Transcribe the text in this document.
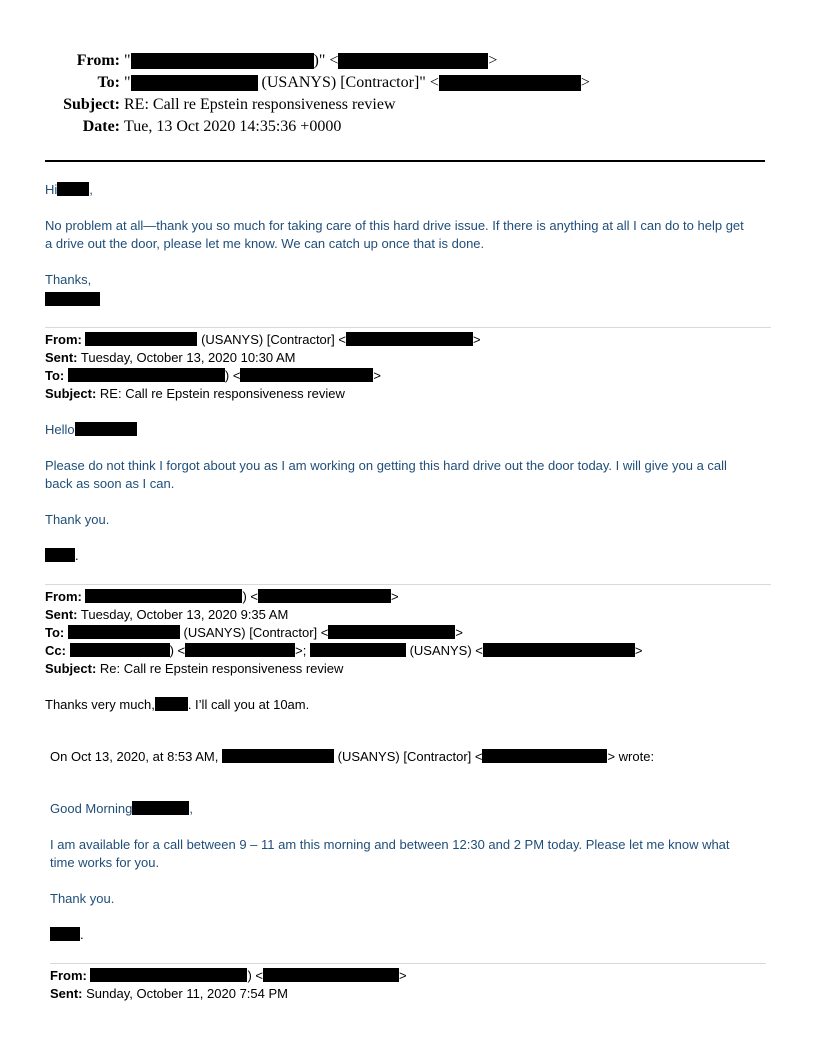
From: "	)" <	>
To: "	(USANYS) [Contractor]" <	>
Subject: RE: Call re Epstein responsiveness review
Date: Tue, 13 Oct 2020 14:35:36 +0000
Hi ,
No problem at all—thank you so much for taking care of this hard drive issue. If there is anything at all I can do to help get
a drive out the door, please let me know. We can catch up once that is done.
Thanks,
From:	(USANYS) [Contractor] <	>
Sent: Tuesday, October 13, 2020 10:30 AM
To:	) <	>
Subject: RE: Call re Epstein responsiveness review
Hello
Please do not think I forgot about you as I am working on getting this hard drive out the door today. I will give you a call
back as soon as I can.
Thank you.
.
From:	) <	>
Sent: Tuesday, October 13, 2020 9:35 AM
To:	(USANYS) [Contractor] <	>
Cc:	) <	>;	(USANYS) <	>
Subject: Re: Call re Epstein responsiveness review
Thanks very much,	. I’ll call you at 10am.
On Oct 13, 2020, at 8:53 AM,	(USANYS) [Contractor] <	> wrote:
Good Morning	,
I am available for a call between 9 – 11 am this morning and between 12:30 and 2 PM today. Please let me know what
time works for you.
Thank you.
.
From:	) <	>
Sent: Sunday, October 11, 2020 7:54 PM
